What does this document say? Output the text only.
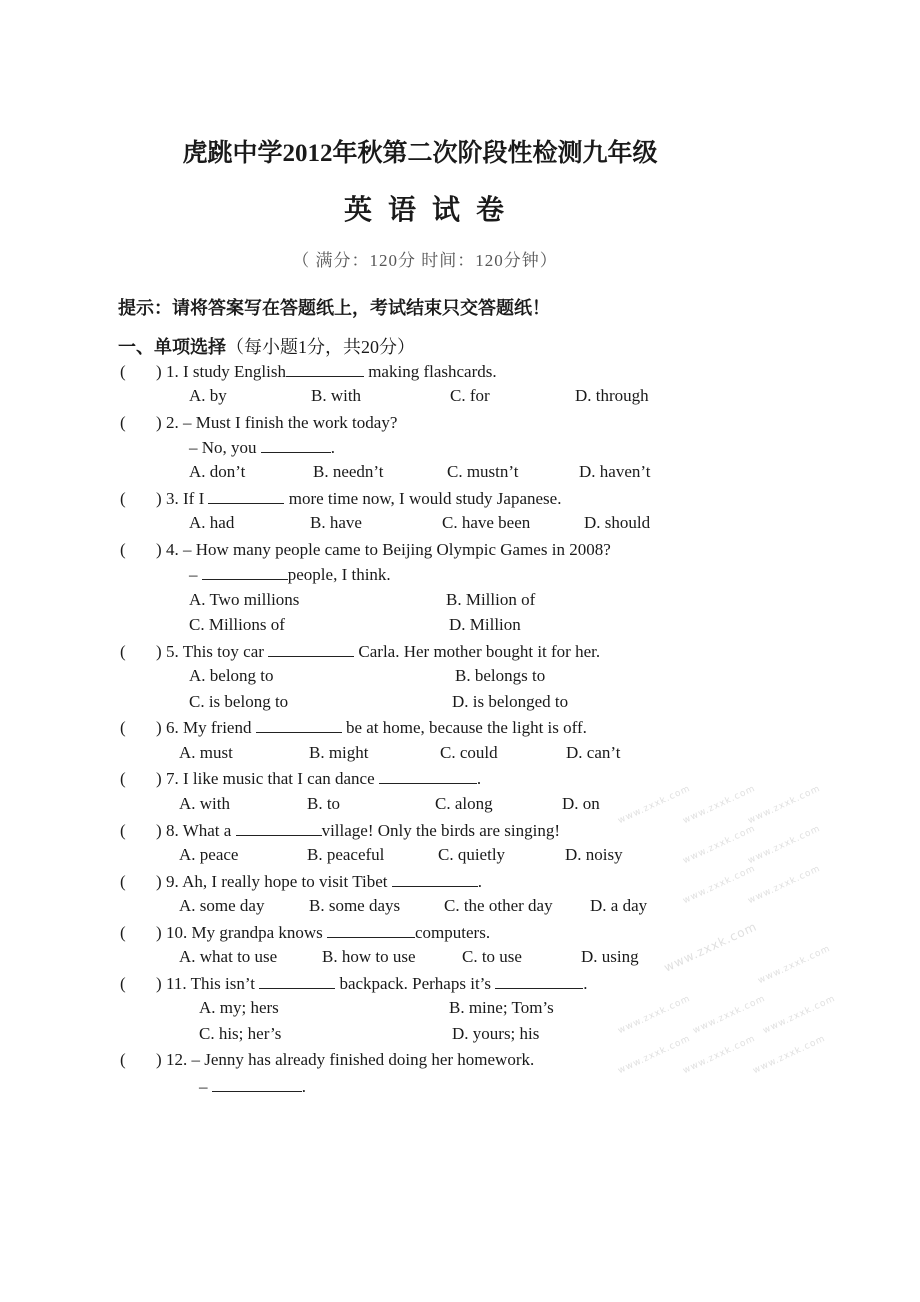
虎跳中学2012年秋第二次阶段性检测九年级
英语试卷
（ 满分：120分 时间：120分钟）
提示：请将答案写在答题纸上，考试结束只交答题纸！
一、单项选择（每小题1分，共20分）
( ) 1. I study English	making flashcards.
A. by	B. with	C. for	D. through
( ) 2. – Must I finish the work today?
– No, you	.
A. don’t	B. needn’t	C. mustn’t	D. haven’t
( ) 3. If I	more time now, I would study Japanese.
A. had	B. have	C. have been	D. should
( ) 4. – How many people came to Beijing Olympic Games in 2008?
–	people, I think.
A. Two millions	B. Million of
C. Millions of	D. Million
( ) 5. This toy car	Carla. Her mother bought it for her.
A. belong to	B. belongs to
C. is belong to	D. is belonged to
( ) 6. My friend	be at home, because the light is off.
A. must	B. might	C. could	D. can’t
( ) 7. I like music that I can dance	.
A. with	B. to	C. along	D. on
( ) 8. What a	village! Only the birds are singing!
A. peace	B. peaceful	C. quietly	D. noisy
( ) 9. Ah, I really hope to visit Tibet	.
A. some day	B. some days	C. the other day D. a day
( ) 10. My grandpa knows	computers.
A. what to use	B. how to use	C. to use	D. using
( ) 11. This isn’t	backpack. Perhaps it’s	.
A. my; hers	B. mine; Tom’s
C. his; her’s	D. yours; his
( ) 12. – Jenny has already finished doing her homework.
–	.
www.zxxk.com
www.zxxk.com
www.zxxk.com
www.zxxk.com
www.zxxk.com
www.zxxk.com
www.zxxk.com
www.zxxk.com
www.zxxk.com
www.zxxk.com www.zxxk.com
www.zxxk.com
www.zxxk.com
www.zxxk.com
www.zxxk.com
